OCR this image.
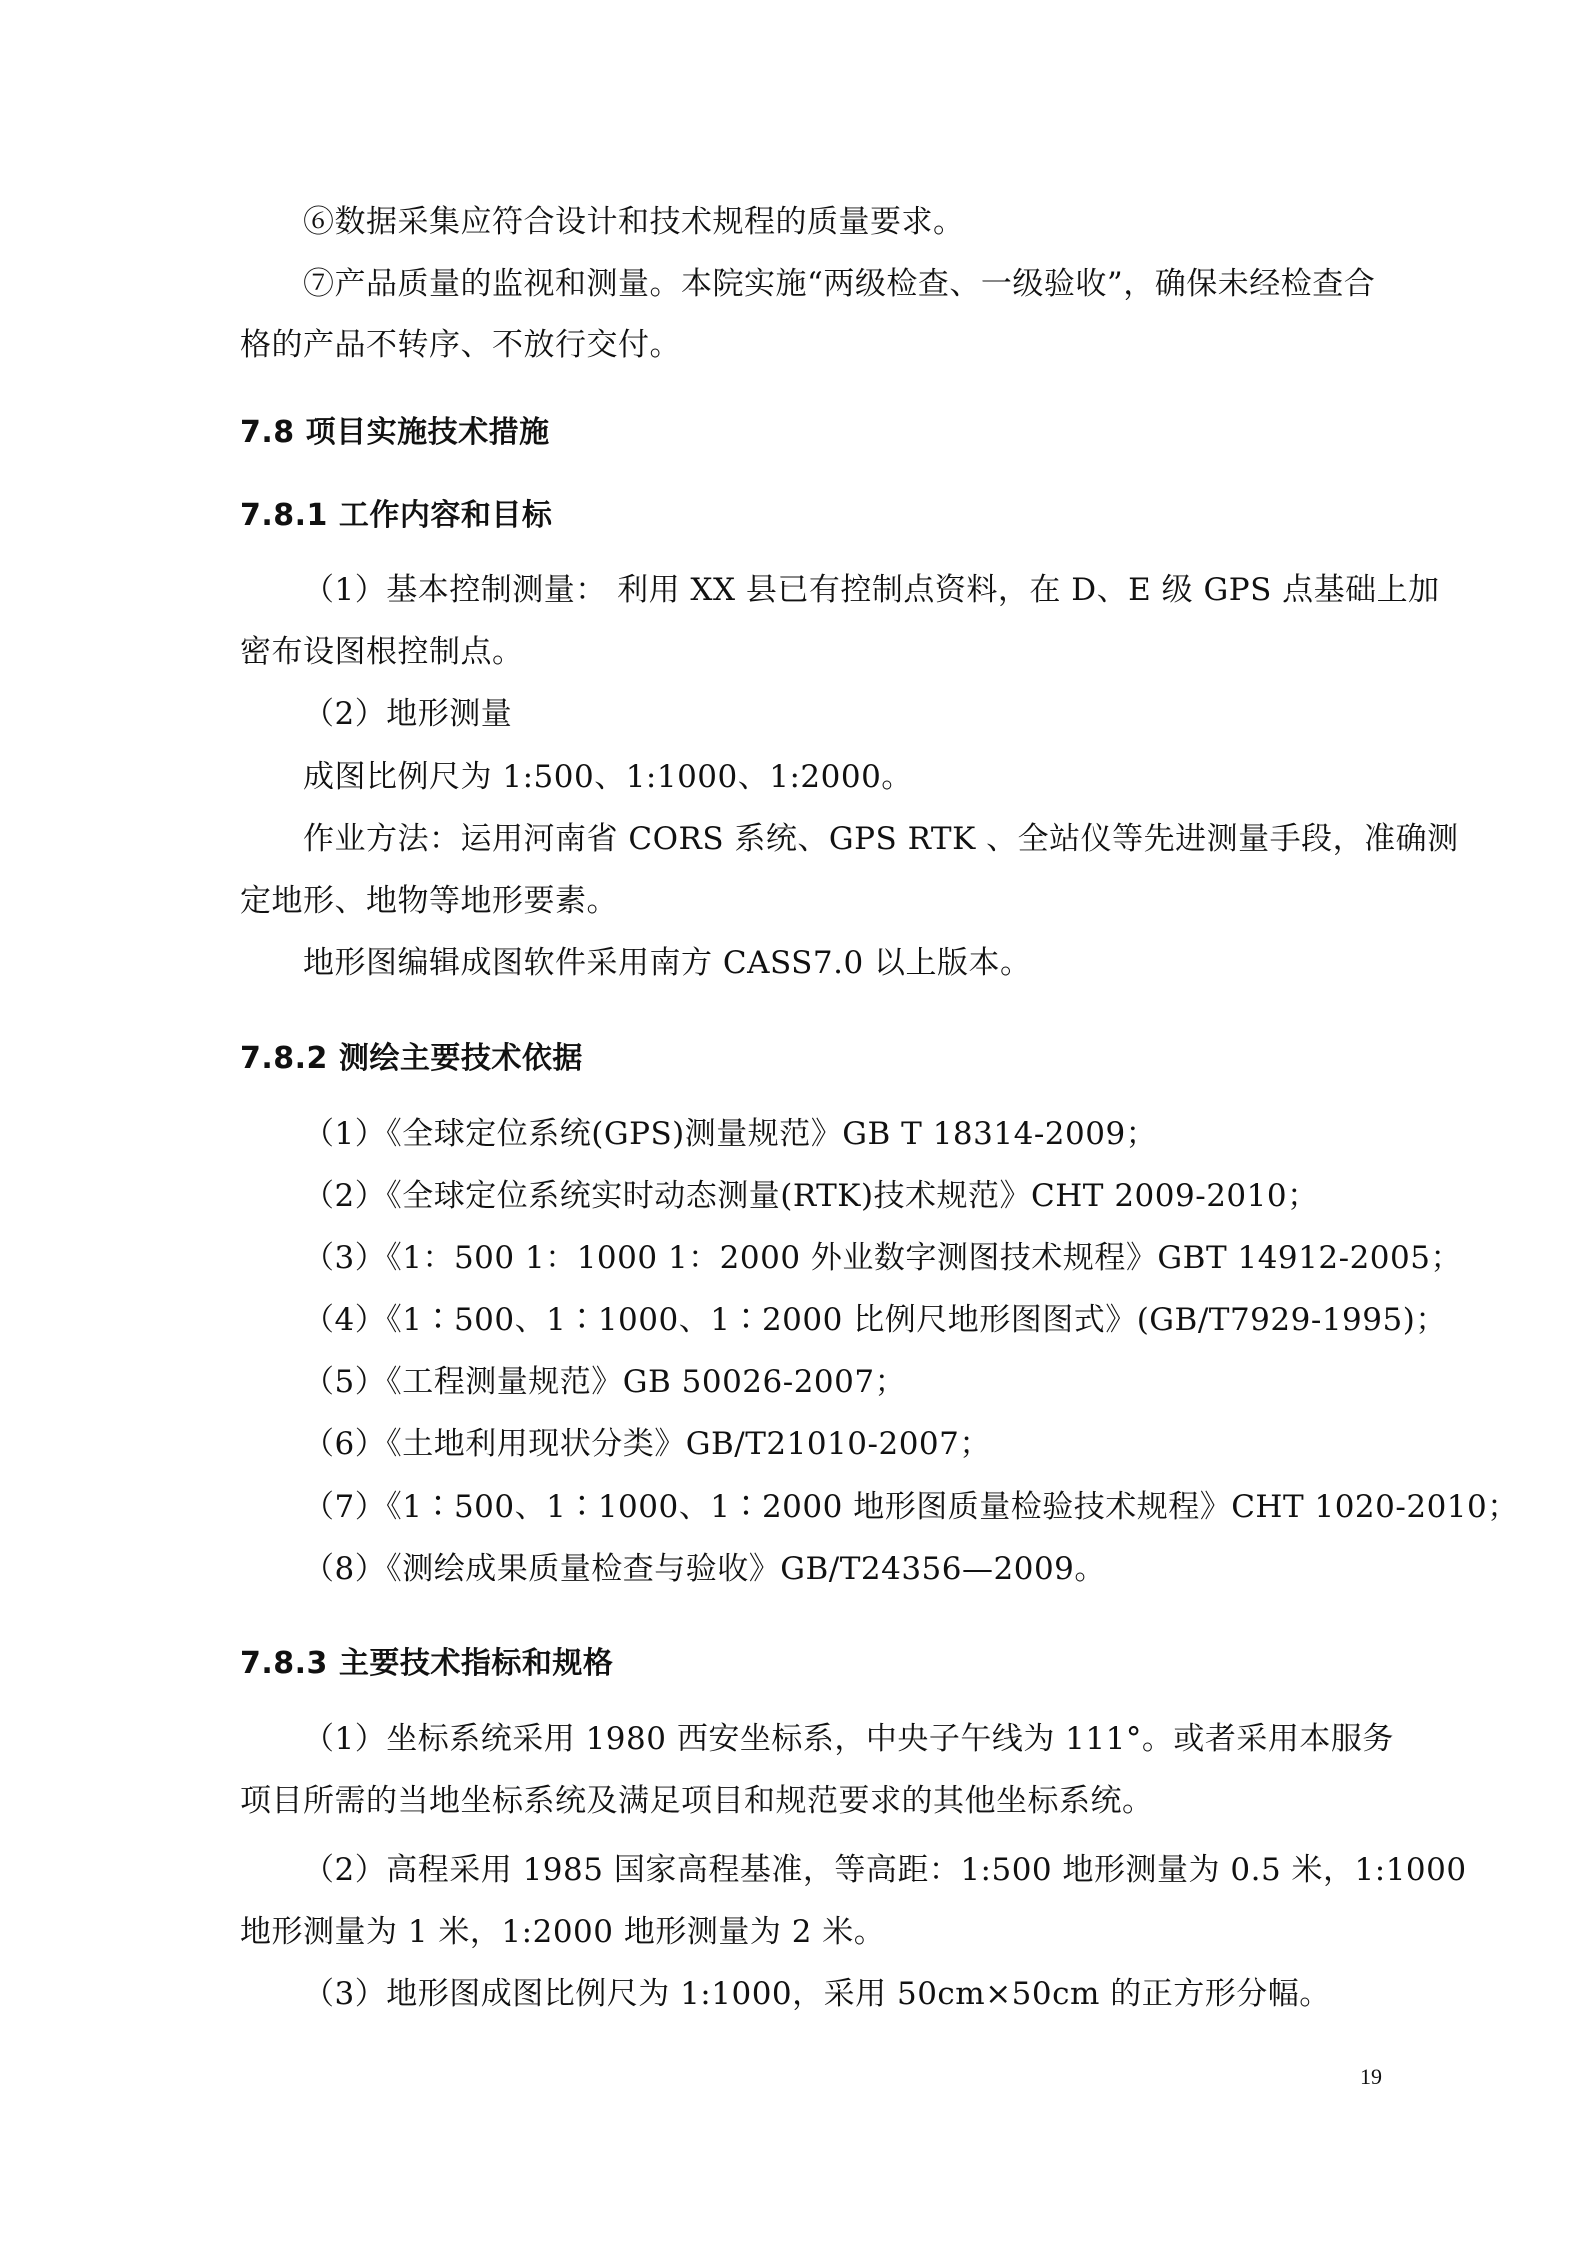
⑥数据采集应符合设计和技术规程的质量要求。
⑦产品质量的监视和测量。本院实施“两级检查、一级验收”，确保未经检查合
格的产品不转序、不放行交付。
7.8 项目实施技术措施
7.8.1 工作内容和目标
（1）基本控制测量： 利用 XX 县已有控制点资料，在 D、E 级 GPS 点基础上加
密布设图根控制点。
（2）地形测量
成图比例尺为 1:500、1:1000、1:2000。
作业方法：运用河南省 CORS 系统、GPS RTK 、全站仪等先进测量手段，准确测
定地形、地物等地形要素。
地形图编辑成图软件采用南方 CASS7.0 以上版本。
7.8.2 测绘主要技术依据
（1）《全球定位系统(GPS)测量规范》GB T 18314-2009；
（2）《全球定位系统实时动态测量(RTK)技术规范》CHT 2009-2010；
（3）《1：500 1：1000 1：2000 外业数字测图技术规程》GBT 14912-2005；
（4）《1∶500、1∶1000、1∶2000 比例尺地形图图式》(GB/T7929-1995)；
（5）《工程测量规范》GB 50026-2007；
（6）《土地利用现状分类》GB/T21010-2007；
（7）《1∶500、1∶1000、1∶2000 地形图质量检验技术规程》CHT 1020-2010；
（8）《测绘成果质量检查与验收》GB/T24356—2009。
7.8.3 主要技术指标和规格
（1）坐标系统采用 1980 西安坐标系，中央子午线为 111°。或者采用本服务
项目所需的当地坐标系统及满足项目和规范要求的其他坐标系统。
（2）高程采用 1985 国家高程基准，等高距：1:500 地形测量为 0.5 米，1:1000
地形测量为 1 米，1:2000 地形测量为 2 米。
（3）地形图成图比例尺为 1:1000，采用 50cm×50cm 的正方形分幅。
19
